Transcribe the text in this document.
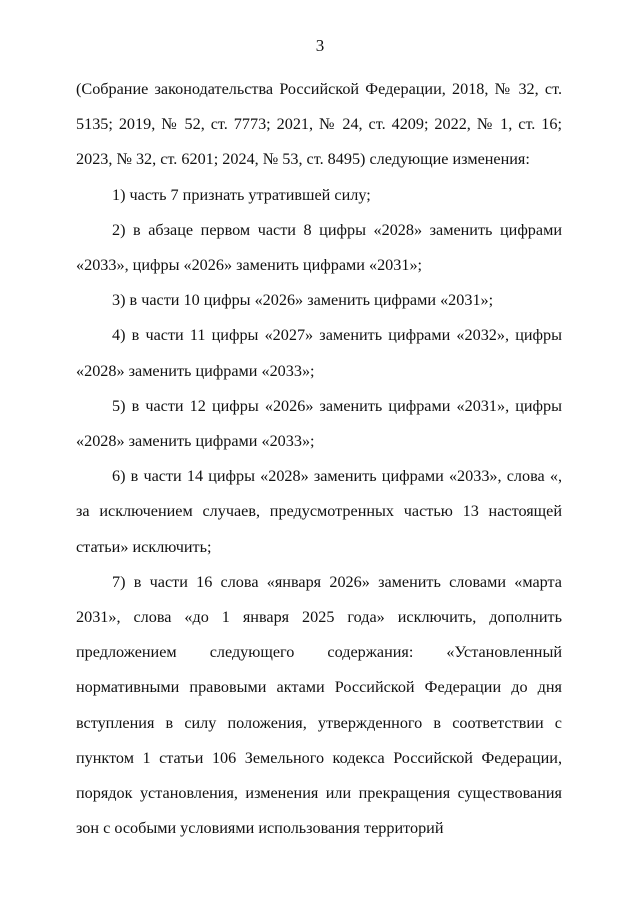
3

(Собрание законодательства Российской Федерации, 2018, № 32, ст. 5135; 2019, № 52, ст. 7773; 2021, № 24, ст. 4209; 2022, № 1, ст. 16; 2023, № 32, ст. 6201; 2024, № 53, ст. 8495) следующие изменения:

1) часть 7 признать утратившей силу;

2) в абзаце первом части 8 цифры «2028» заменить цифрами «2033», цифры «2026» заменить цифрами «2031»;

3) в части 10 цифры «2026» заменить цифрами «2031»;

4) в части 11 цифры «2027» заменить цифрами «2032», цифры «2028» заменить цифрами «2033»;

5) в части 12 цифры «2026» заменить цифрами «2031», цифры «2028» заменить цифрами «2033»;

6) в части 14 цифры «2028» заменить цифрами «2033», слова «, за исключением случаев, предусмотренных частью 13 настоящей статьи» исключить;

7) в части 16 слова «января 2026» заменить словами «марта 2031», слова «до 1 января 2025 года» исключить, дополнить предложением следующего содержания: «Установленный нормативными правовыми актами Российской Федерации до дня вступления в силу положения, утвержденного в соответствии с пунктом 1 статьи 106 Земельного кодекса Российской Федерации, порядок установления, изменения или прекращения существования зон с особыми условиями использования территорий
